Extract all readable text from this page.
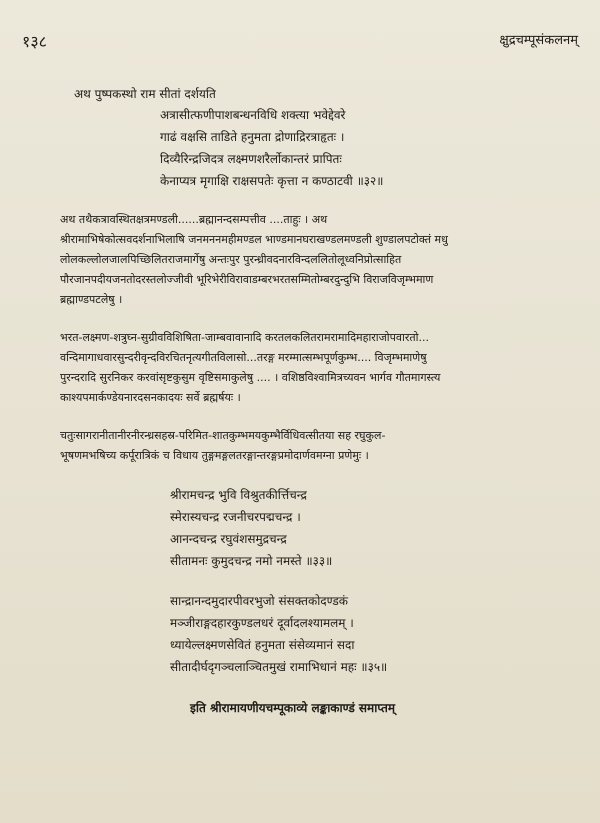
१३८	क्षुद्रचम्पूसंकलनम्
अथ पुष्पकस्थो राम सीतां दर्शयति
अत्रासीत्फणीपाशबन्धनविधि शक्त्या भवेद्देवरे
गाढं वक्षसि ताडिते हनुमता द्रोणाद्रिरत्राहृतः ।
दिव्यैरिन्द्रजिदत्र लक्ष्मणशरैर्लोकान्तरं प्रापितः
केनाप्यत्र मृगाक्षि राक्षसपतेः कृत्ता न कण्ठाटवी ॥३२॥
अथ तथैकत्रावस्थितक्षत्रमण्डली......ब्रह्मानन्दसम्पत्तीव ....ताहुः । अथ
श्रीरामाभिषेकोत्सवदर्शनाभिलाषि जनमननमहीमण्डल भाण्डमानघराखण्डलमण्डली शुण्डालपटोक्तं मधु
लोलकल्लोलजालपिच्छिलितराजमार्गेषु अन्तःपुर पुरन्ध्रीवदनारविन्दललितोलूध्वनिप्रोत्साहित
पौरजानपदीयजनतोदरस्तलोज्जीवी भूरिभेरीविरावाडम्बरभरतसम्मितोम्बरदुन्दुभि विराजविजृम्भमाण
ब्रह्माण्डपटलेषु ।
भरत-लक्ष्मण-शत्रुघ्न-सुग्रीवविशिषिता-जाम्बवावानादि करतलकलितरामरामादिमहाराजोपवारतो...
वन्दिमागाधवारसुन्दरीवृन्दविरचितनृत्यगीतविलासो...तरङ्ग मरम्मात्सम्भपूर्णकुम्भ.... विजृम्भमाणेषु
पुरन्दरादि सुरनिकर करवांसृष्टकुसुम वृष्टिसमाकुलेषु .... । वशिष्ठविश्वामित्रच्यवन भार्गव गौतमागस्त्य
काश्यपमार्कण्डेयनारदसनकादयः सर्वे ब्रह्मर्षयः ।
चतुःसागरानीतानीरनीरन्ध्रसहस्र-परिमित-शातकुम्भमयकुम्भैर्विधिवत्सीतया सह रघुकुल-
भूषणमभषिच्य कर्पूरात्रिकं च विधाय तुङ्गमङ्गलतरङ्गान्तरङ्गप्रमोदार्णवमग्ना प्रणेमुः ।
श्रीरामचन्द्र भुवि विश्रुतकीर्त्तिचन्द्र
स्मेरास्यचन्द्र रजनीचरपद्मचन्द्र ।
आनन्दचन्द्र रघुवंशसमुद्रचन्द्र
सीतामनः कुमुदचन्द्र नमो नमस्ते ॥३३॥
सान्द्रानन्दमुदारपीवरभुजो संसक्तकोदण्डकं
मञ्जीराङ्गदहारकुण्डलधरं दूर्वादलश्यामलम् ।
ध्यायेल्लक्ष्मणसेवितं हनुमता संसेव्यमानं सदा
सीतादीर्घदृगञ्चलाञ्चितमुखं रामाभिधानं महः ॥३५॥
इति श्रीरामायणीयचम्पूकाव्ये लङ्काकाण्डं समाप्तम्
